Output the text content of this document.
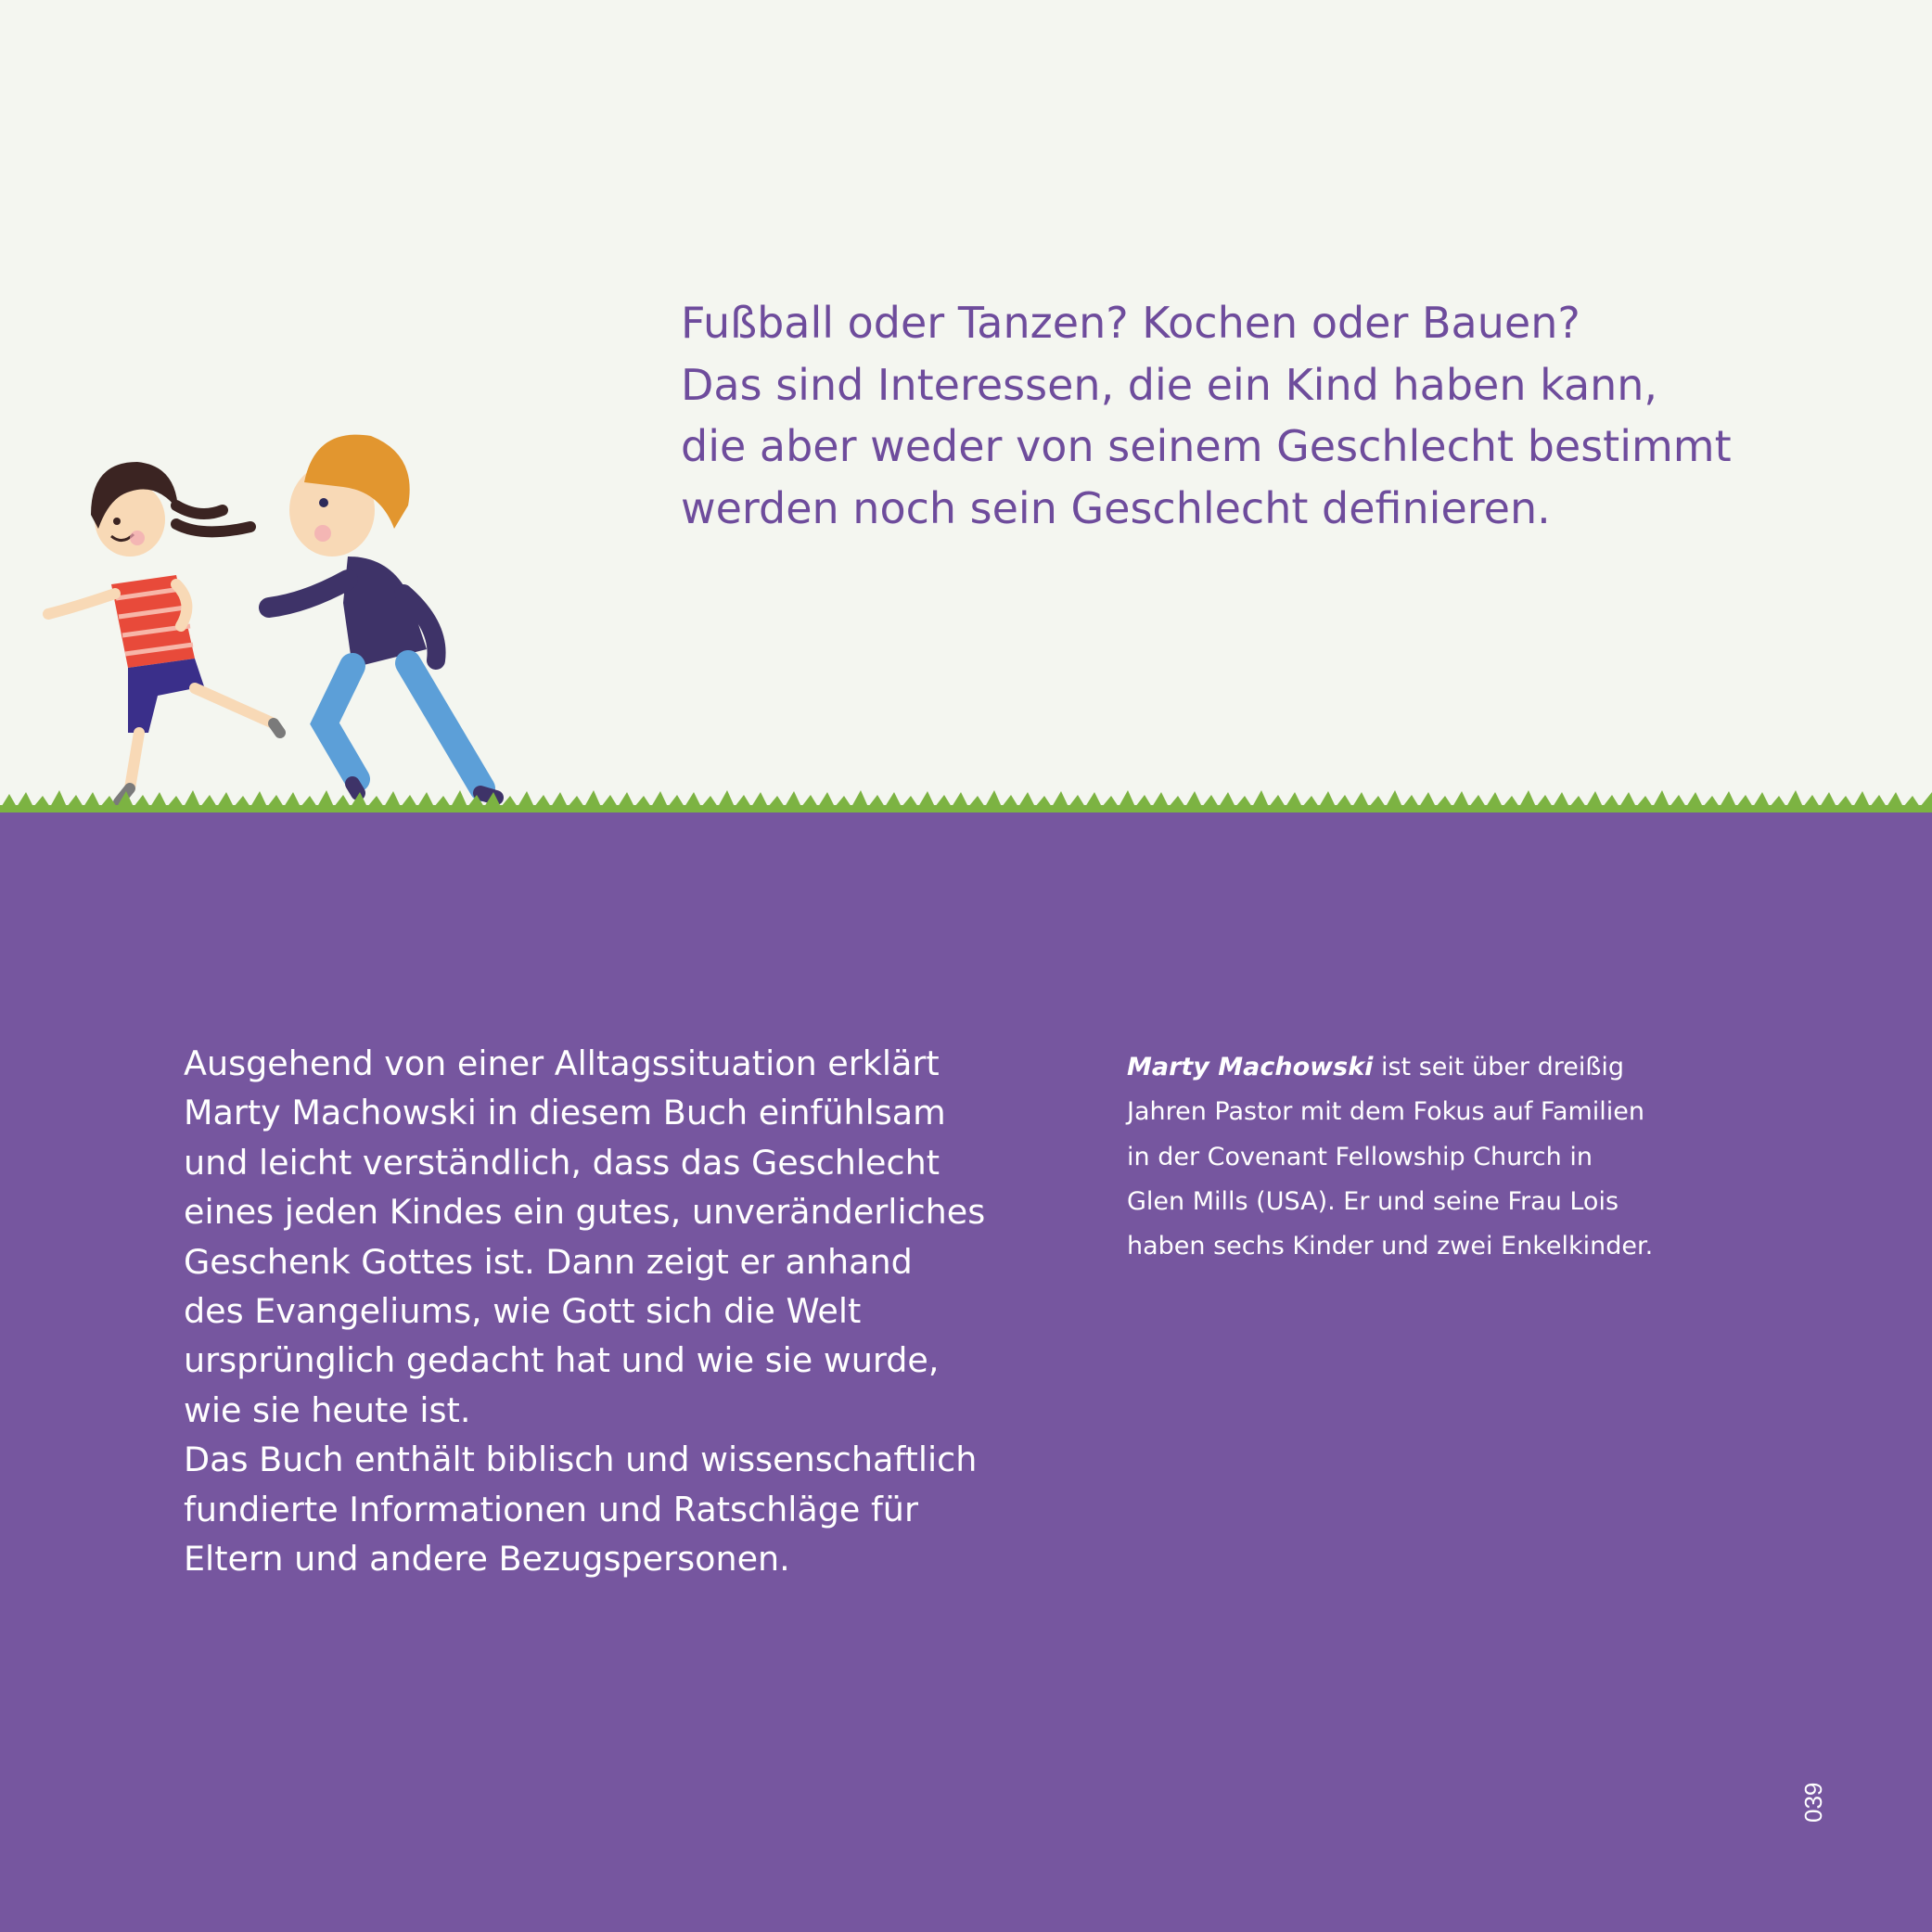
Fußball oder Tanzen? Kochen oder Bauen?
Das sind Interessen, die ein Kind haben kann,
die aber weder von seinem Geschlecht bestimmt
werden noch sein Geschlecht definieren.
Ausgehend von einer Alltagssituation erklärt
Marty Machowski in diesem Buch einfühlsam
und leicht verständlich, dass das Geschlecht
eines jeden Kindes ein gutes, unveränderliches
Geschenk Gottes ist. Dann zeigt er anhand
des Evangeliums, wie Gott sich die Welt
ursprünglich gedacht hat und wie sie wurde,
wie sie heute ist.
Das Buch enthält biblisch und wissenschaftlich
fundierte Informationen und Ratschläge für
Eltern und andere Bezugspersonen.
Marty Machowski ist seit über dreißig
Jahren Pastor mit dem Fokus auf Familien
in der Covenant Fellowship Church in
Glen Mills (USA). Er und seine Frau Lois
haben sechs Kinder und zwei Enkelkinder.
039
